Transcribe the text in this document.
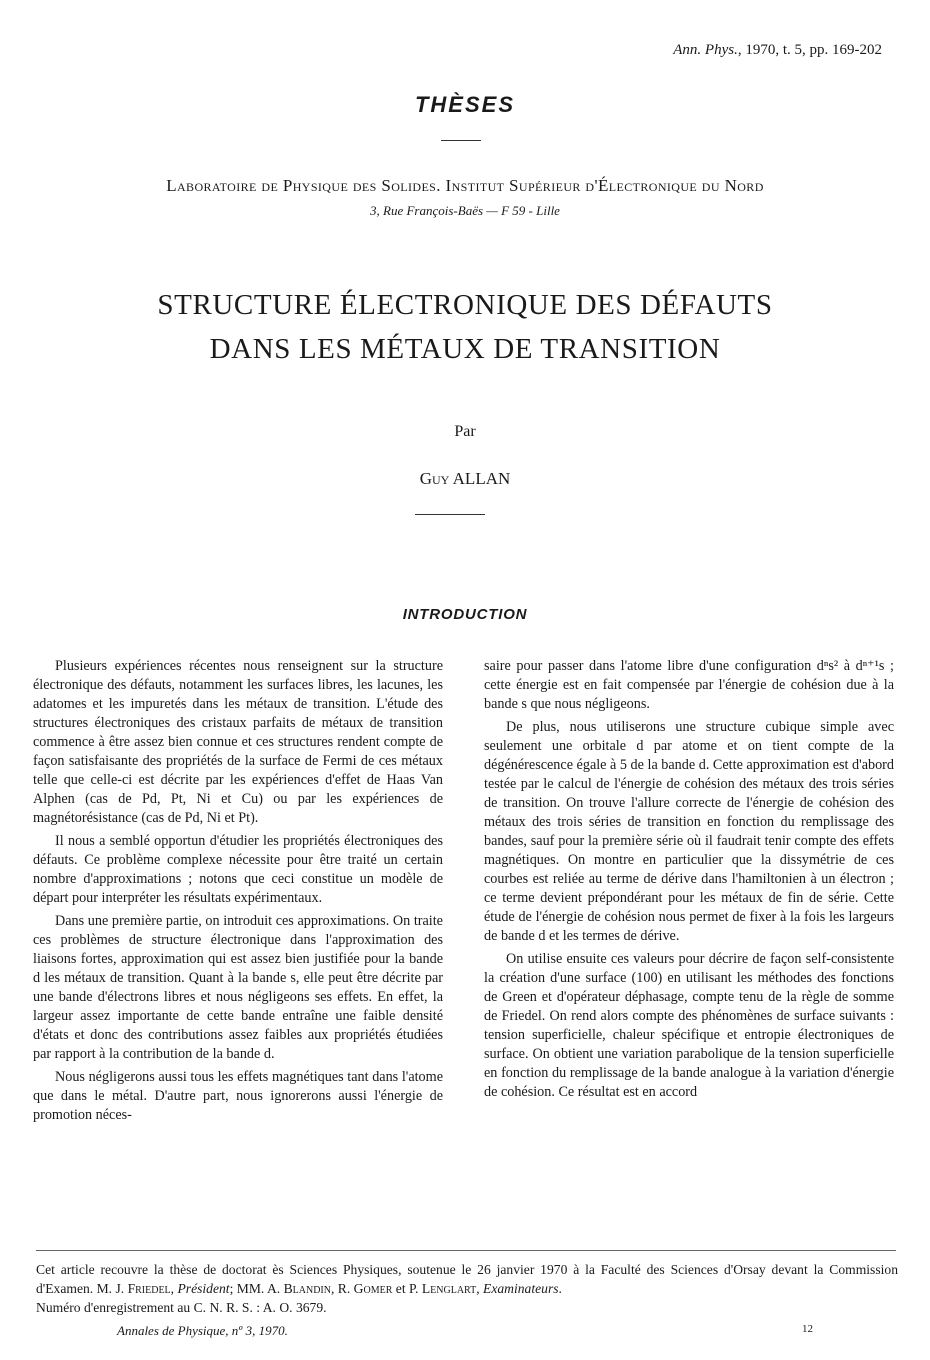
Ann. Phys., 1970, t. 5, pp. 169-202
THÈSES
Laboratoire de Physique des Solides. Institut Supérieur d'Électronique du Nord
3, Rue François-Baës — F 59 - Lille
STRUCTURE ÉLECTRONIQUE DES DÉFAUTS
DANS LES MÉTAUX DE TRANSITION
Par
Guy ALLAN
INTRODUCTION

Plusieurs expériences récentes nous renseignent sur la structure électronique des défauts, notamment les surfaces libres, les lacunes, les adatomes et les impuretés dans les métaux de transition. L'étude des structures électroniques des cristaux parfaits de métaux de transition commence à être assez bien connue et ces structures rendent compte de façon satisfaisante des propriétés de la surface de Fermi de ces métaux telle que celle-ci est décrite par les expériences d'effet de Haas Van Alphen (cas de Pd, Pt, Ni et Cu) ou par les expériences de magnétorésistance (cas de Pd, Ni et Pt).

Il nous a semblé opportun d'étudier les propriétés électroniques des défauts. Ce problème complexe nécessite pour être traité un certain nombre d'approximations ; notons que ceci constitue un modèle de départ pour interpréter les résultats expérimentaux.

Dans une première partie, on introduit ces approximations. On traite ces problèmes de structure électronique dans l'approximation des liaisons fortes, approximation qui est assez bien justifiée pour la bande d les métaux de transition. Quant à la bande s, elle peut être décrite par une bande d'électrons libres et nous négligeons ses effets. En effet, la largeur assez importante de cette bande entraîne une faible densité d'états et donc des contributions assez faibles aux propriétés étudiées par rapport à la contribution de la bande d.

Nous négligerons aussi tous les effets magnétiques tant dans l'atome que dans le métal. D'autre part, nous ignorerons aussi l'énergie de promotion néces-

saire pour passer dans l'atome libre d'une configuration dⁿs² à dⁿ⁺¹s ; cette énergie est en fait compensée par l'énergie de cohésion due à la bande s que nous négligeons.

De plus, nous utiliserons une structure cubique simple avec seulement une orbitale d par atome et on tient compte de la dégénérescence égale à 5 de la bande d. Cette approximation est d'abord testée par le calcul de l'énergie de cohésion des métaux des trois séries de transition. On trouve l'allure correcte de l'énergie de cohésion des métaux des trois séries de transition en fonction du remplissage des bandes, sauf pour la première série où il faudrait tenir compte des effets magnétiques. On montre en particulier que la dissymétrie de ces courbes est reliée au terme de dérive dans l'hamiltonien à un électron ; ce terme devient prépondérant pour les métaux de fin de série. Cette étude de l'énergie de cohésion nous permet de fixer à la fois les largeurs de bande d et les termes de dérive.

On utilise ensuite ces valeurs pour décrire de façon self-consistente la création d'une surface (100) en utilisant les méthodes des fonctions de Green et d'opérateur déphasage, compte tenu de la règle de somme de Friedel. On rend alors compte des phénomènes de surface suivants : tension superficielle, chaleur spécifique et entropie électroniques de surface. On obtient une variation parabolique de la tension superficielle en fonction du remplissage de la bande analogue à la variation d'énergie de cohésion. Ce résultat est en accord

Cet article recouvre la thèse de doctorat ès Sciences Physiques, soutenue le 26 janvier 1970 à la Faculté des Sciences d'Orsay devant la Commission d'Examen. M. J. Friedel, Président; MM. A. Blandin, R. Gomer et P. Lenglart, Examinateurs.
Numéro d'enregistrement au C. N. R. S. : A. O. 3679.
Annales de Physique, nº 3, 1970.	12
